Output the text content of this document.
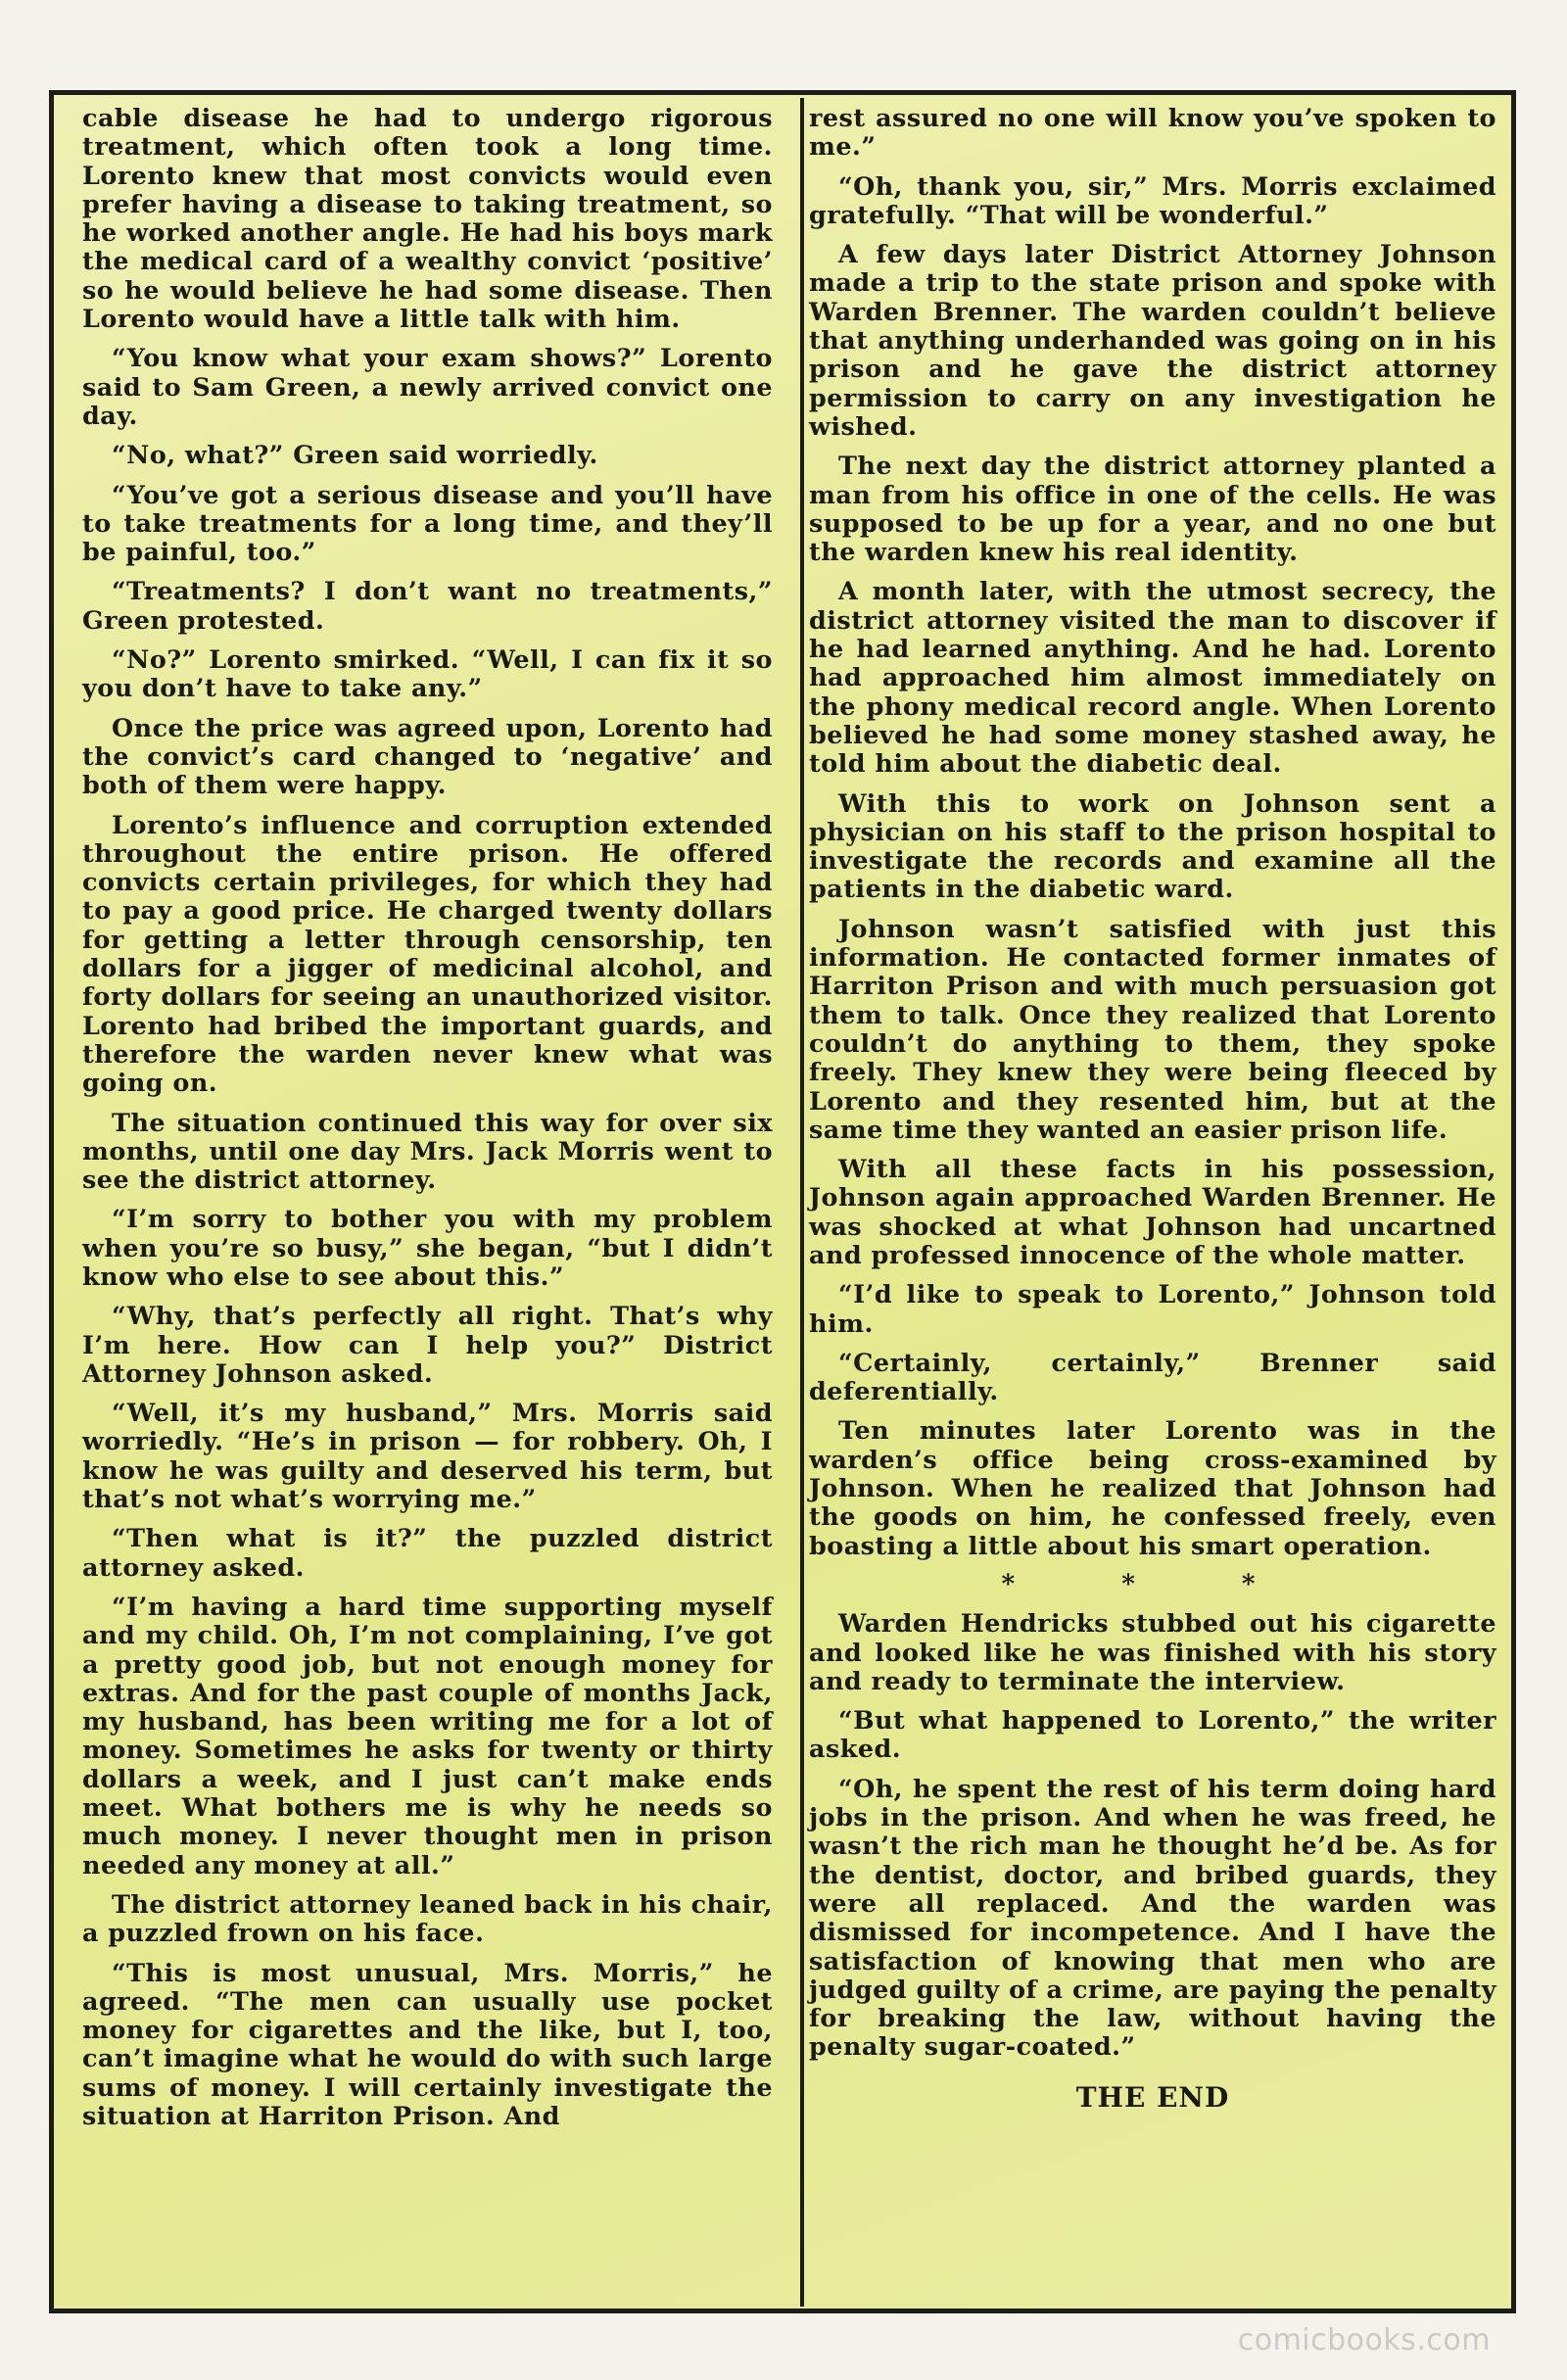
cable disease he had to undergo rigorous treatment, which often took a long time. Lorento knew that most convicts would even prefer having a disease to taking treatment, so he worked another angle. He had his boys mark the medical card of a wealthy convict ‘positive’ so he would believe he had some disease. Then Lorento would have a little talk with him.

“You know what your exam shows?” Lorento said to Sam Green, a newly arrived convict one day.

“No, what?” Green said worriedly.

“You’ve got a serious disease and you’ll have to take treatments for a long time, and they’ll be painful, too.”

“Treatments? I don’t want no treatments,” Green protested.

“No?” Lorento smirked. “Well, I can fix it so you don’t have to take any.”

Once the price was agreed upon, Lorento had the convict’s card changed to ‘negative’ and both of them were happy.

Lorento’s influence and corruption extended throughout the entire prison. He offered convicts certain privileges, for which they had to pay a good price. He charged twenty dollars for getting a letter through censorship, ten dollars for a jigger of medicinal alcohol, and forty dollars for seeing an unauthorized visitor. Lorento had bribed the important guards, and therefore the warden never knew what was going on.

The situation continued this way for over six months, until one day Mrs. Jack Morris went to see the district attorney.

“I’m sorry to bother you with my problem when you’re so busy,” she began, “but I didn’t know who else to see about this.”

“Why, that’s perfectly all right. That’s why I’m here. How can I help you?” District Attorney Johnson asked.

“Well, it’s my husband,” Mrs. Morris said worriedly. “He’s in prison — for robbery. Oh, I know he was guilty and deserved his term, but that’s not what’s worrying me.”

“Then what is it?” the puzzled district attorney asked.

“I’m having a hard time supporting myself and my child. Oh, I’m not complaining, I’ve got a pretty good job, but not enough money for extras. And for the past couple of months Jack, my husband, has been writing me for a lot of money. Sometimes he asks for twenty or thirty dollars a week, and I just can’t make ends meet. What bothers me is why he needs so much money. I never thought men in prison needed any money at all.”

The district attorney leaned back in his chair, a puzzled frown on his face.

“This is most unusual, Mrs. Morris,” he agreed. “The men can usually use pocket money for cigarettes and the like, but I, too, can’t imagine what he would do with such large sums of money. I will certainly investigate the situation at Harriton Prison. And

rest assured no one will know you’ve spoken to me.”

“Oh, thank you, sir,” Mrs. Morris exclaimed gratefully. “That will be wonderful.”

A few days later District Attorney Johnson made a trip to the state prison and spoke with Warden Brenner. The warden couldn’t believe that anything underhanded was going on in his prison and he gave the district attorney permission to carry on any investigation he wished.

The next day the district attorney planted a man from his office in one of the cells. He was supposed to be up for a year, and no one but the warden knew his real identity.

A month later, with the utmost secrecy, the district attorney visited the man to discover if he had learned anything. And he had. Lorento had approached him almost immediately on the phony medical record angle. When Lorento believed he had some money stashed away, he told him about the diabetic deal.

With this to work on Johnson sent a physician on his staff to the prison hospital to investigate the records and examine all the patients in the diabetic ward.

Johnson wasn’t satisfied with just this information. He contacted former inmates of Harriton Prison and with much persuasion got them to talk. Once they realized that Lorento couldn’t do anything to them, they spoke freely. They knew they were being fleeced by Lorento and they resented him, but at the same time they wanted an easier prison life.

With all these facts in his possession, Johnson again approached Warden Brenner. He was shocked at what Johnson had uncartned and professed innocence of the whole matter.

“I’d like to speak to Lorento,” Johnson told him.

“Certainly, certainly,” Brenner said deferentially.

Ten minutes later Lorento was in the warden’s office being cross-examined by Johnson. When he realized that Johnson had the goods on him, he confessed freely, even boasting a little about his smart operation.

* * *

Warden Hendricks stubbed out his cigarette and looked like he was finished with his story and ready to terminate the interview.

“But what happened to Lorento,” the writer asked.

“Oh, he spent the rest of his term doing hard jobs in the prison. And when he was freed, he wasn’t the rich man he thought he’d be. As for the dentist, doctor, and bribed guards, they were all replaced. And the warden was dismissed for incompetence. And I have the satisfaction of knowing that men who are judged guilty of a crime, are paying the penalty for breaking the law, without having the penalty sugar-coated.”

THE END
comicbooks.com
